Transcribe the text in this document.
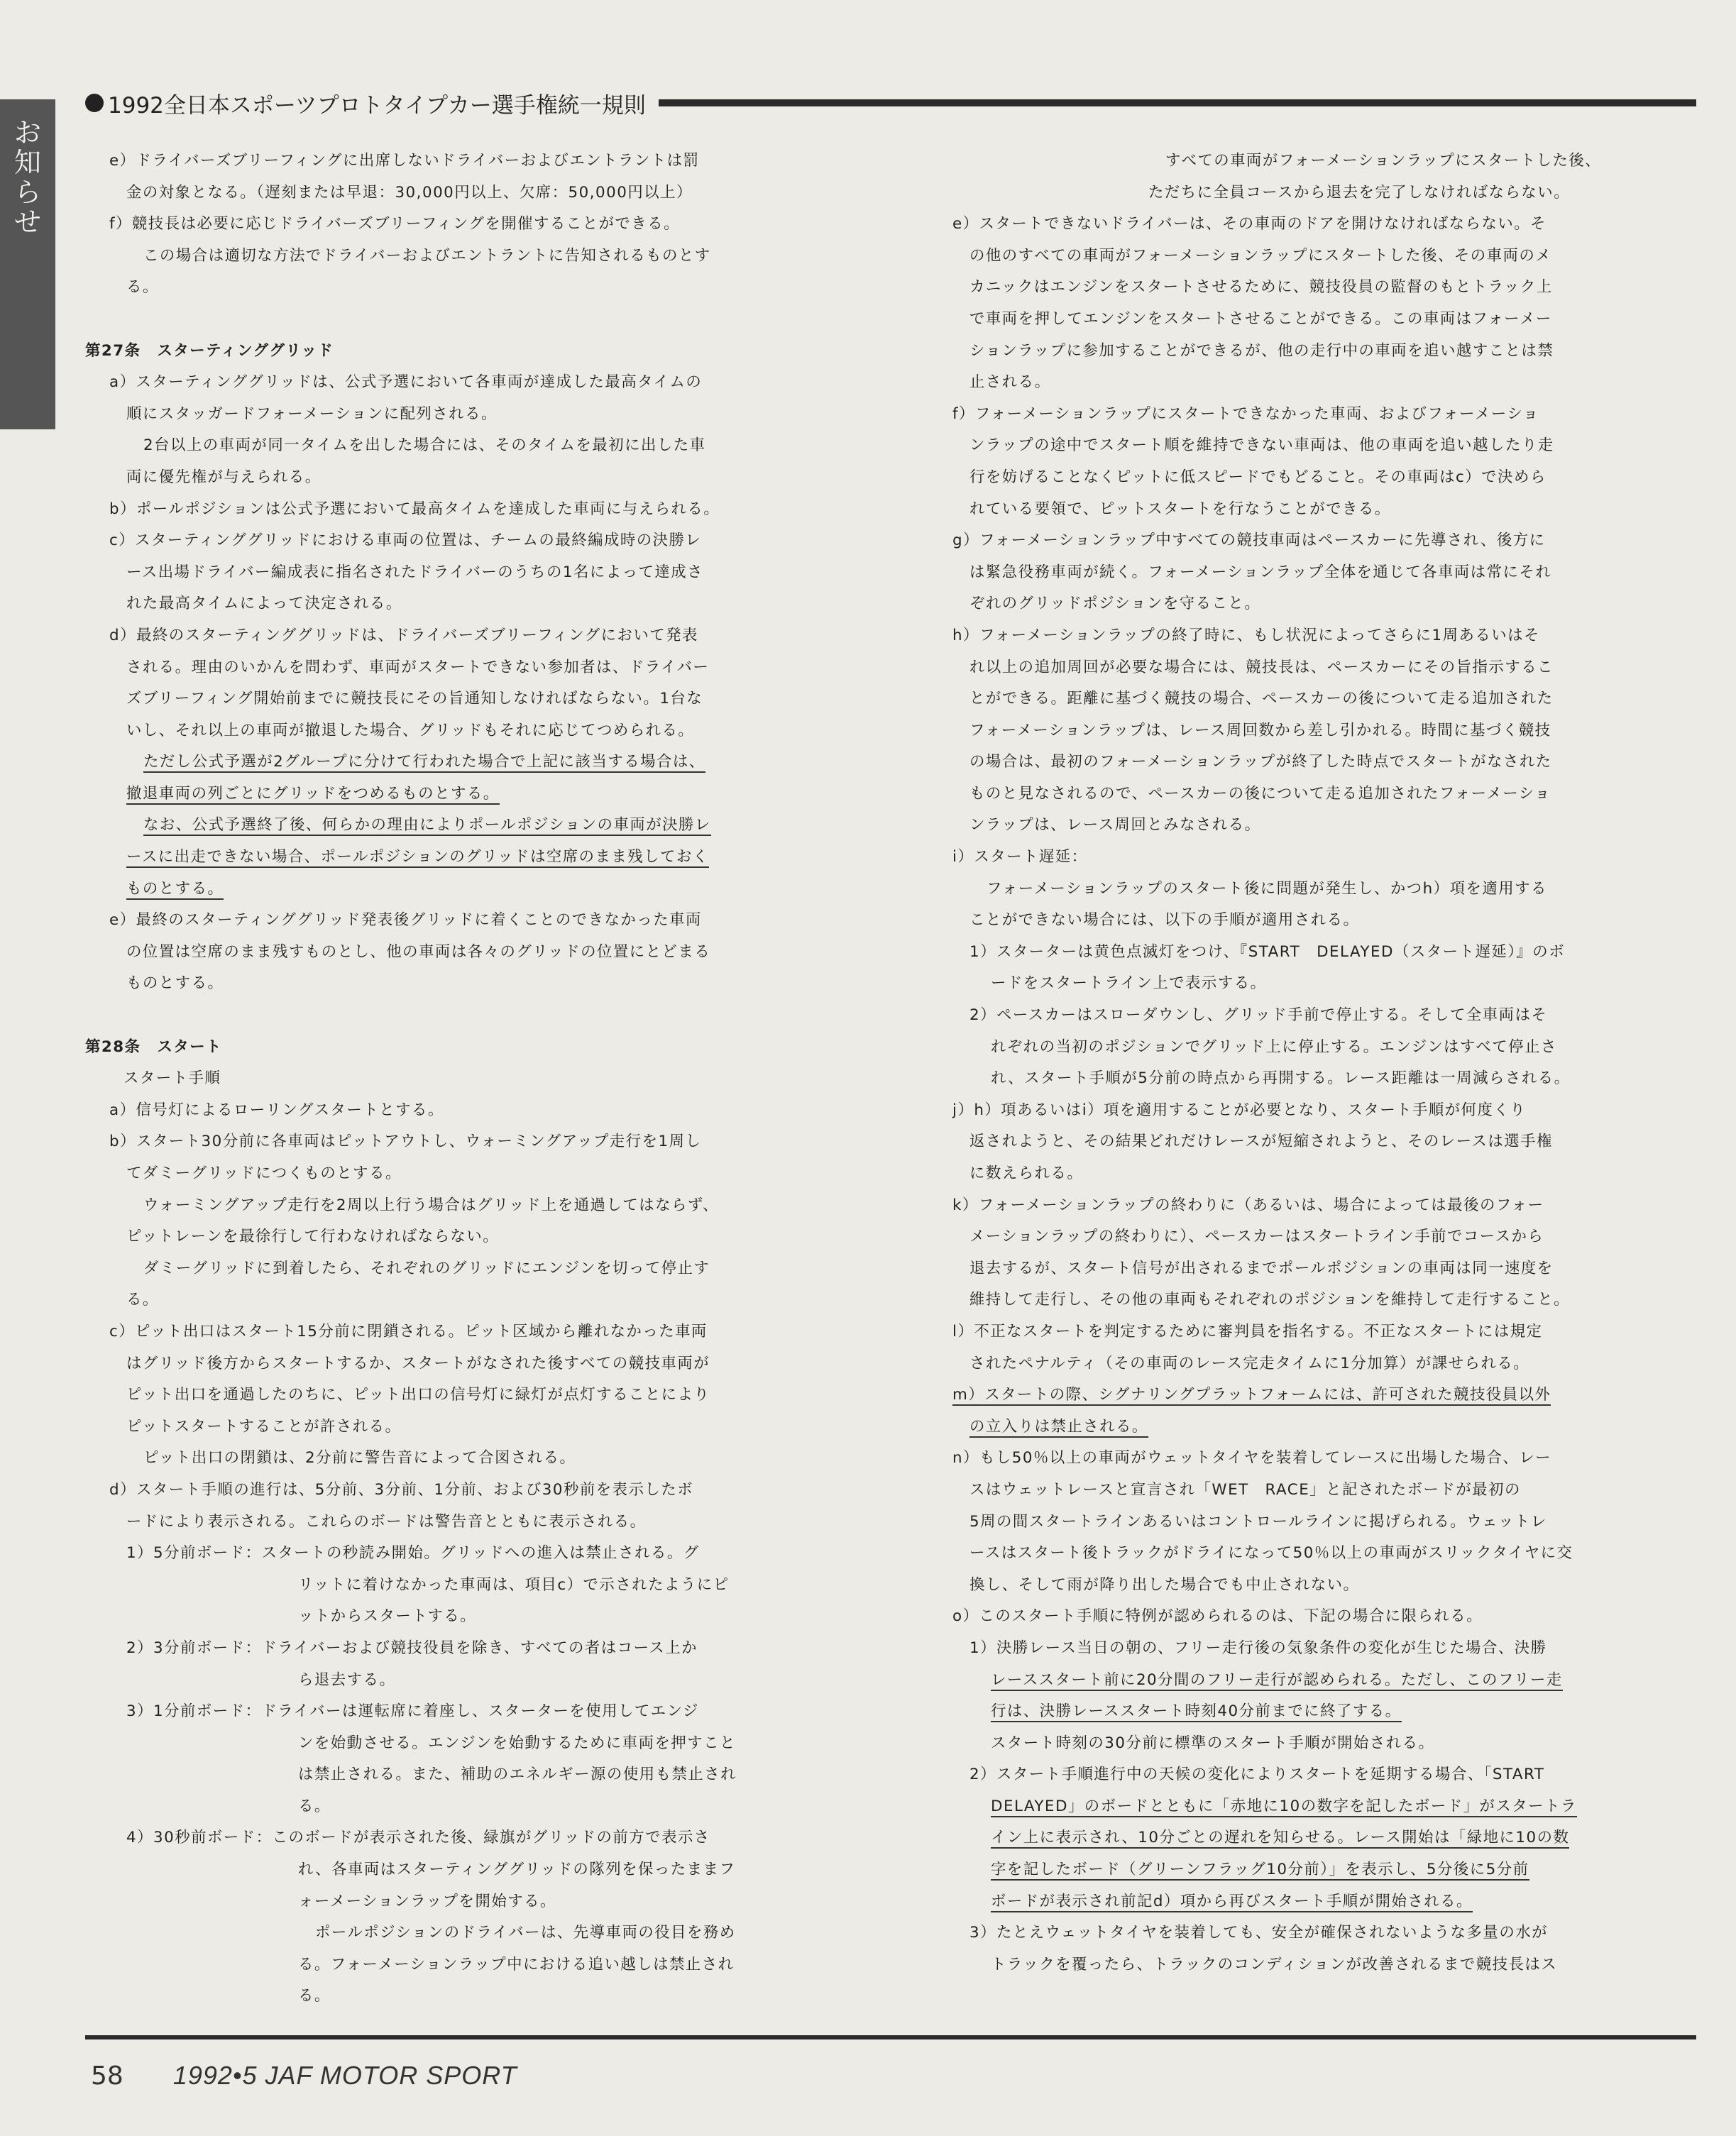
お
知
ら
せ
1992全日本スポーツプロトタイプカー選手権統一規則
e）ドライバーズブリーフィングに出席しないドライバーおよびエントラントは罰
金の対象となる。（遅刻または早退：30,000円以上、欠席：50,000円以上）
f）競技長は必要に応じドライバーズブリーフィングを開催することができる。
この場合は適切な方法でドライバーおよびエントラントに告知されるものとす
る。
第27条　スターティンググリッド
a）スターティンググリッドは、公式予選において各車両が達成した最高タイムの
順にスタッガードフォーメーションに配列される。
2台以上の車両が同一タイムを出した場合には、そのタイムを最初に出した車
両に優先権が与えられる。
b）ポールポジションは公式予選において最高タイムを達成した車両に与えられる。
c）スターティンググリッドにおける車両の位置は、チームの最終編成時の決勝レ
ース出場ドライバー編成表に指名されたドライバーのうちの1名によって達成さ
れた最高タイムによって決定される。
d）最終のスターティンググリッドは、ドライバーズブリーフィングにおいて発表
される。理由のいかんを問わず、車両がスタートできない参加者は、ドライバー
ズブリーフィング開始前までに競技長にその旨通知しなければならない。1台な
いし、それ以上の車両が撤退した場合、グリッドもそれに応じてつめられる。
ただし公式予選が2グループに分けて行われた場合で上記に該当する場合は、
撤退車両の列ごとにグリッドをつめるものとする。
なお、公式予選終了後、何らかの理由によりポールポジションの車両が決勝レ
ースに出走できない場合、ポールポジションのグリッドは空席のまま残しておく
ものとする。
e）最終のスターティンググリッド発表後グリッドに着くことのできなかった車両
の位置は空席のまま残すものとし、他の車両は各々のグリッドの位置にとどまる
ものとする。
第28条　スタート
スタート手順
a）信号灯によるローリングスタートとする。
b）スタート30分前に各車両はピットアウトし、ウォーミングアップ走行を1周し
てダミーグリッドにつくものとする。
ウォーミングアップ走行を2周以上行う場合はグリッド上を通過してはならず、
ピットレーンを最徐行して行わなければならない。
ダミーグリッドに到着したら、それぞれのグリッドにエンジンを切って停止す
る。
c）ピット出口はスタート15分前に閉鎖される。ピット区域から離れなかった車両
はグリッド後方からスタートするか、スタートがなされた後すべての競技車両が
ピット出口を通過したのちに、ピット出口の信号灯に緑灯が点灯することにより
ピットスタートすることが許される。
ピット出口の閉鎖は、2分前に警告音によって合図される。
d）スタート手順の進行は、5分前、3分前、1分前、および30秒前を表示したボ
ードにより表示される。これらのボードは警告音とともに表示される。
1）5分前ボード：スタートの秒読み開始。グリッドへの進入は禁止される。グ
リットに着けなかった車両は、項目c）で示されたようにピ
ットからスタートする。
2）3分前ボード：ドライバーおよび競技役員を除き、すべての者はコース上か
ら退去する。
3）1分前ボード：ドライバーは運転席に着座し、スターターを使用してエンジ
ンを始動させる。エンジンを始動するために車両を押すこと
は禁止される。また、補助のエネルギー源の使用も禁止され
る。
4）30秒前ボード：このボードが表示された後、緑旗がグリッドの前方で表示さ
れ、各車両はスターティンググリッドの隊列を保ったままフ
ォーメーションラップを開始する。
ポールポジションのドライバーは、先導車両の役目を務め
る。フォーメーションラップ中における追い越しは禁止され
る。
すべての車両がフォーメーションラップにスタートした後、
ただちに全員コースから退去を完了しなければならない。
e）スタートできないドライバーは、その車両のドアを開けなければならない。そ
の他のすべての車両がフォーメーションラップにスタートした後、その車両のメ
カニックはエンジンをスタートさせるために、競技役員の監督のもとトラック上
で車両を押してエンジンをスタートさせることができる。この車両はフォーメー
ションラップに参加することができるが、他の走行中の車両を追い越すことは禁
止される。
f）フォーメーションラップにスタートできなかった車両、およびフォーメーショ
ンラップの途中でスタート順を維持できない車両は、他の車両を追い越したり走
行を妨げることなくピットに低スピードでもどること。その車両はc）で決めら
れている要領で、ピットスタートを行なうことができる。
g）フォーメーションラップ中すべての競技車両はペースカーに先導され、後方に
は緊急役務車両が続く。フォーメーションラップ全体を通じて各車両は常にそれ
ぞれのグリッドポジションを守ること。
h）フォーメーションラップの終了時に、もし状況によってさらに1周あるいはそ
れ以上の追加周回が必要な場合には、競技長は、ペースカーにその旨指示するこ
とができる。距離に基づく競技の場合、ペースカーの後について走る追加された
フォーメーションラップは、レース周回数から差し引かれる。時間に基づく競技
の場合は、最初のフォーメーションラップが終了した時点でスタートがなされた
ものと見なされるので、ペースカーの後について走る追加されたフォーメーショ
ンラップは、レース周回とみなされる。
i）スタート遅延：
フォーメーションラップのスタート後に問題が発生し、かつh）項を適用する
ことができない場合には、以下の手順が適用される。
1）スターターは黄色点滅灯をつけ、『START　DELAYED（スタート遅延）』のボ
ードをスタートライン上で表示する。
2）ペースカーはスローダウンし、グリッド手前で停止する。そして全車両はそ
れぞれの当初のポジションでグリッド上に停止する。エンジンはすべて停止さ
れ、スタート手順が5分前の時点から再開する。レース距離は一周減らされる。
j）h）項あるいはi）項を適用することが必要となり、スタート手順が何度くり
返されようと、その結果どれだけレースが短縮されようと、そのレースは選手権
に数えられる。
k）フォーメーションラップの終わりに（あるいは、場合によっては最後のフォー
メーションラップの終わりに）、ペースカーはスタートライン手前でコースから
退去するが、スタート信号が出されるまでポールポジションの車両は同一速度を
維持して走行し、その他の車両もそれぞれのポジションを維持して走行すること。
l）不正なスタートを判定するために審判員を指名する。不正なスタートには規定
されたペナルティ（その車両のレース完走タイムに1分加算）が課せられる。
m）スタートの際、シグナリングプラットフォームには、許可された競技役員以外
の立入りは禁止される。
n）もし50％以上の車両がウェットタイヤを装着してレースに出場した場合、レー
スはウェットレースと宣言され「WET　RACE」と記されたボードが最初の
5周の間スタートラインあるいはコントロールラインに掲げられる。ウェットレ
ースはスタート後トラックがドライになって50％以上の車両がスリックタイヤに交
換し、そして雨が降り出した場合でも中止されない。
o）このスタート手順に特例が認められるのは、下記の場合に限られる。
1）決勝レース当日の朝の、フリー走行後の気象条件の変化が生じた場合、決勝
レーススタート前に20分間のフリー走行が認められる。ただし、このフリー走
行は、決勝レーススタート時刻40分前までに終了する。
スタート時刻の30分前に標準のスタート手順が開始される。
2）スタート手順進行中の天候の変化によりスタートを延期する場合、「START
DELAYED」のボードとともに「赤地に10の数字を記したボード」がスタートラ
イン上に表示され、10分ごとの遅れを知らせる。レース開始は「緑地に10の数
字を記したボード（グリーンフラッグ10分前）」を表示し、5分後に5分前
ボードが表示され前記d）項から再びスタート手順が開始される。
3）たとえウェットタイヤを装着しても、安全が確保されないような多量の水が
トラックを覆ったら、トラックのコンディションが改善されるまで競技長はス
58 1992•5 JAF MOTOR SPORT
